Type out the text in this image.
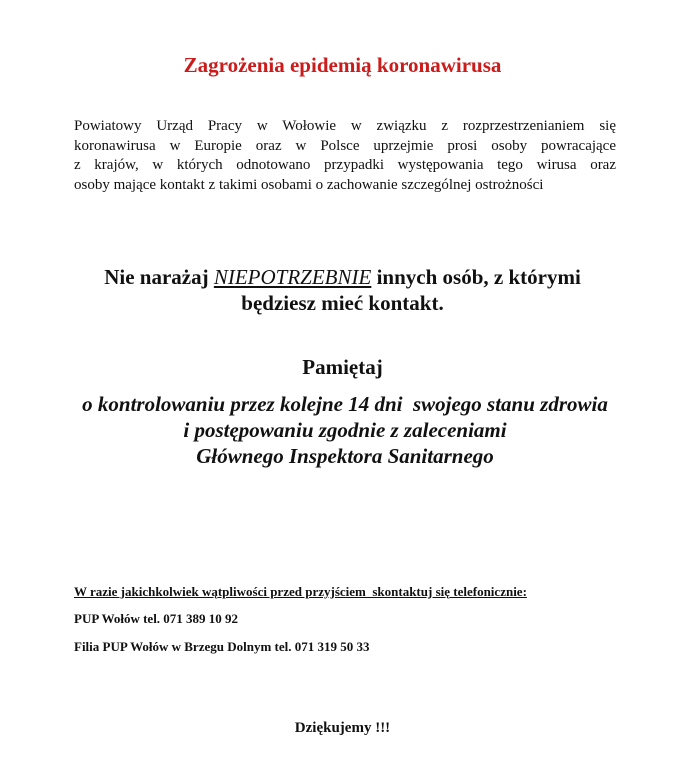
Zagrożenia epidemią koronawirusa
Powiatowy Urząd Pracy w Wołowie w związku z rozprzestrzenianiem się
koronawirusa w Europie oraz w Polsce uprzejmie prosi osoby powracające
z krajów, w których odnotowano przypadki występowania tego wirusa oraz
osoby mające kontakt z takimi osobami o zachowanie szczególnej ostrożności
Nie narażaj NIEPOTRZEBNIE innych osób, z którymi
będziesz mieć kontakt.
Pamiętaj
o kontrolowaniu przez kolejne 14 dni  swojego stanu zdrowia
i postępowaniu zgodnie z zaleceniami
Głównego Inspektora Sanitarnego
W razie jakichkolwiek wątpliwości przed przyjściem  skontaktuj się telefonicznie:
PUP Wołów tel. 071 389 10 92
Filia PUP Wołów w Brzegu Dolnym tel. 071 319 50 33
Dziękujemy !!!
